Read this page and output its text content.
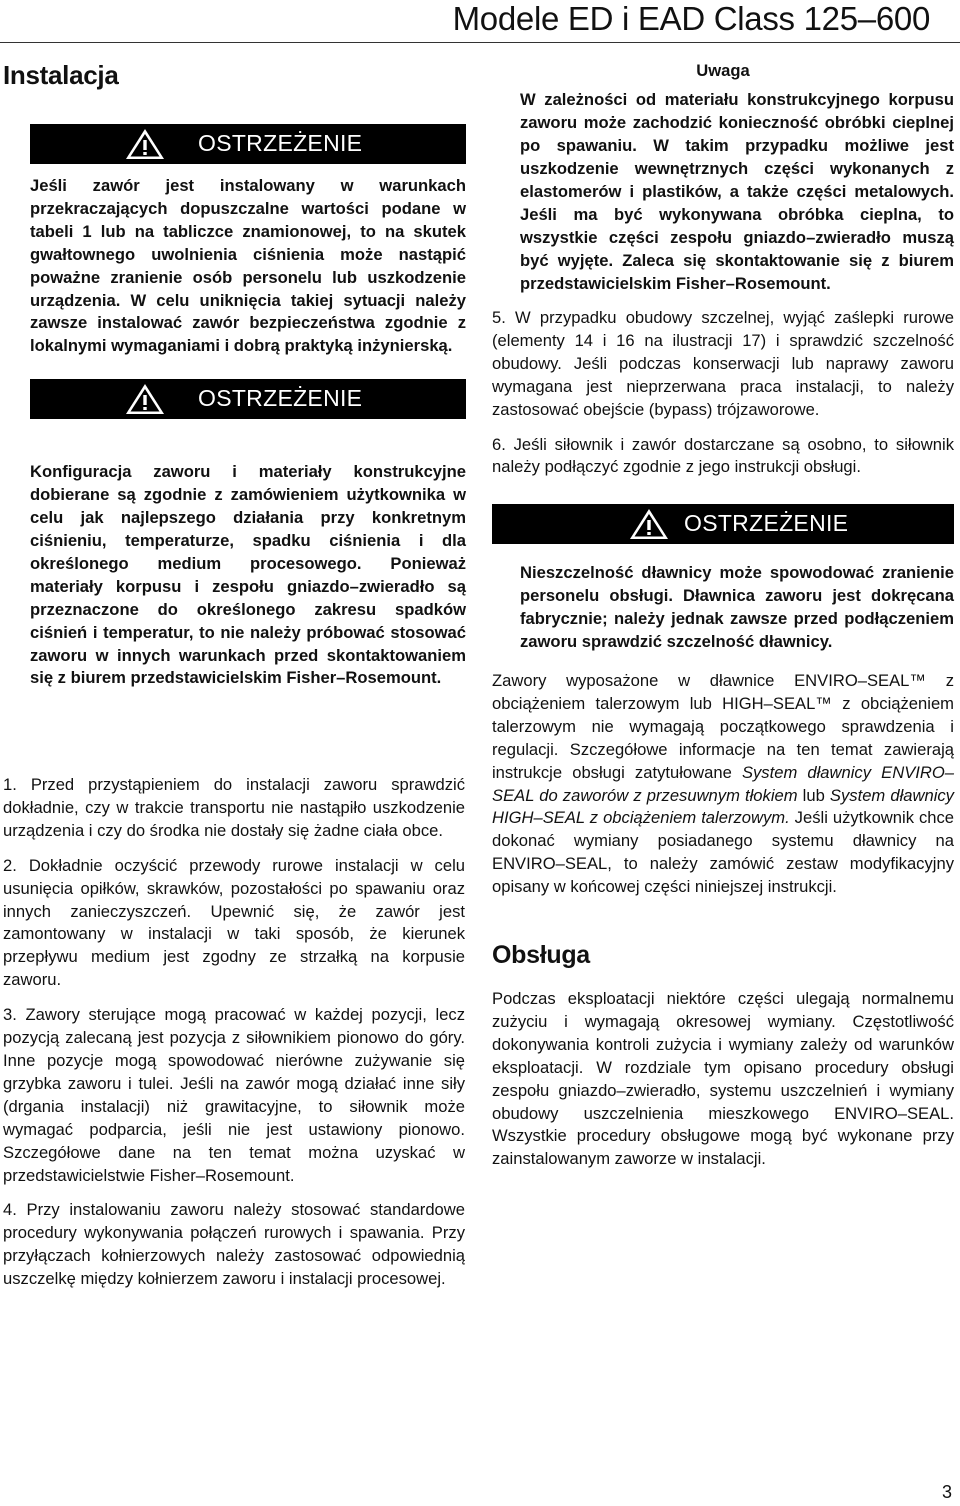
Modele ED i EAD Class 125–600
Instalacja
OSTRZEŻENIE

Jeśli zawór jest instalowany w warunkach przekraczających dopuszczalne wartości podane w tabeli 1 lub na tabliczce znamionowej, to na skutek gwałtownego uwolnienia ciśnienia może nastąpić poważne zranienie osób personelu lub uszkodzenie urządzenia. W celu uniknięcia takiej sytuacji należy zawsze instalować zawór bezpieczeństwa zgodnie z lokalnymi wymaganiami i dobrą praktyką inżynierską.

OSTRZEŻENIE

Konfiguracja zaworu i materiały konstrukcyjne dobierane są zgodnie z zamówieniem użytkownika w celu jak najlepszego działania przy konkretnym ciśnieniu, temperaturze, spadku ciśnienia i dla określonego medium procesowego. Ponieważ materiały korpusu i zespołu gniazdo–zwieradło są przeznaczone do określonego zakresu spadków ciśnień i temperatur, to nie należy próbować stosować zaworu w innych warunkach przed skontaktowaniem się z biurem przedstawicielskim Fisher–Rosemount.

1. Przed przystąpieniem do instalacji zaworu sprawdzić dokładnie, czy w trakcie transportu nie nastąpiło uszkodzenie urządzenia i czy do środka nie dostały się żadne ciała obce.

2. Dokładnie oczyścić przewody rurowe instalacji w celu usunięcia opiłków, skrawków, pozostałości po spawaniu oraz innych zanieczyszczeń. Upewnić się, że zawór jest zamontowany w instalacji w taki sposób, że kierunek przepływu medium jest zgodny ze strzałką na korpusie zaworu.

3. Zawory sterujące mogą pracować w każdej pozycji, lecz pozycją zalecaną jest pozycja z siłownikiem pionowo do góry. Inne pozycje mogą spowodować nierówne zużywanie się grzybka zaworu i tulei. Jeśli na zawór mogą działać inne siły (drgania instalacji) niż grawitacyjne, to siłownik może wymagać podparcia, jeśli nie jest ustawiony pionowo. Szczegółowe dane na ten temat można uzyskać w przedstawicielstwie Fisher–Rosemount.

4. Przy instalowaniu zaworu należy stosować standardowe procedury wykonywania połączeń rurowych i spawania. Przy przyłączach kołnierzowych należy zastosować odpowiednią uszczelkę między kołnierzem zaworu i instalacji procesowej.

Uwaga

W zależności od materiału konstrukcyjnego korpusu zaworu może zachodzić konieczność obróbki cieplnej po spawaniu. W takim przypadku możliwe jest uszkodzenie wewnętrznych części wykonanych z elastomerów i plastików, a także części metalowych. Jeśli ma być wykonywana obróbka cieplna, to wszystkie części zespołu gniazdo–zwieradło muszą być wyjęte. Zaleca się skontaktowanie się z biurem przedstawicielskim Fisher–Rosemount.

5. W przypadku obudowy szczelnej, wyjąć zaślepki rurowe (elementy 14 i 16 na ilustracji 17) i sprawdzić szczelność obudowy. Jeśli podczas konserwacji lub naprawy zaworu wymagana jest nieprzerwana praca instalacji, to należy zastosować obejście (bypass) trójzaworowe.

6. Jeśli siłownik i zawór dostarczane są osobno, to siłownik należy podłączyć zgodnie z jego instrukcji obsługi.

OSTRZEŻENIE

Nieszczelność dławnicy może spowodować zranienie personelu obsługi. Dławnica zaworu jest dokręcana fabrycznie; należy jednak zawsze przed podłączeniem zaworu sprawdzić szczelność dławnicy.

Zawory wyposażone w dławnice ENVIRO–SEAL™ z obciążeniem talerzowym lub HIGH–SEAL™ z obciążeniem talerzowym nie wymagają początkowego sprawdzenia i regulacji. Szczegółowe informacje na ten temat zawierają instrukcje obsługi zatytułowane System dławnicy ENVIRO–SEAL do zaworów z przesuwnym tłokiem lub System dławnicy HIGH–SEAL z obciążeniem talerzowym. Jeśli użytkownik chce dokonać wymiany posiadanego systemu dławnicy na ENVIRO–SEAL, to należy zamówić zestaw modyfikacyjny opisany w końcowej części niniejszej instrukcji.

Obsługa

Podczas eksploatacji niektóre części ulegają normalnemu zużyciu i wymagają okresowej wymiany. Częstotliwość dokonywania kontroli zużycia i wymiany zależy od warunków eksploatacji. W rozdziale tym opisano procedury obsługi zespołu gniazdo–zwieradło, systemu uszczelnień i wymiany obudowy uszczelnienia mieszkowego ENVIRO–SEAL. Wszystkie procedury obsługowe mogą być wykonane przy zainstalowanym zaworze w instalacji.

3
